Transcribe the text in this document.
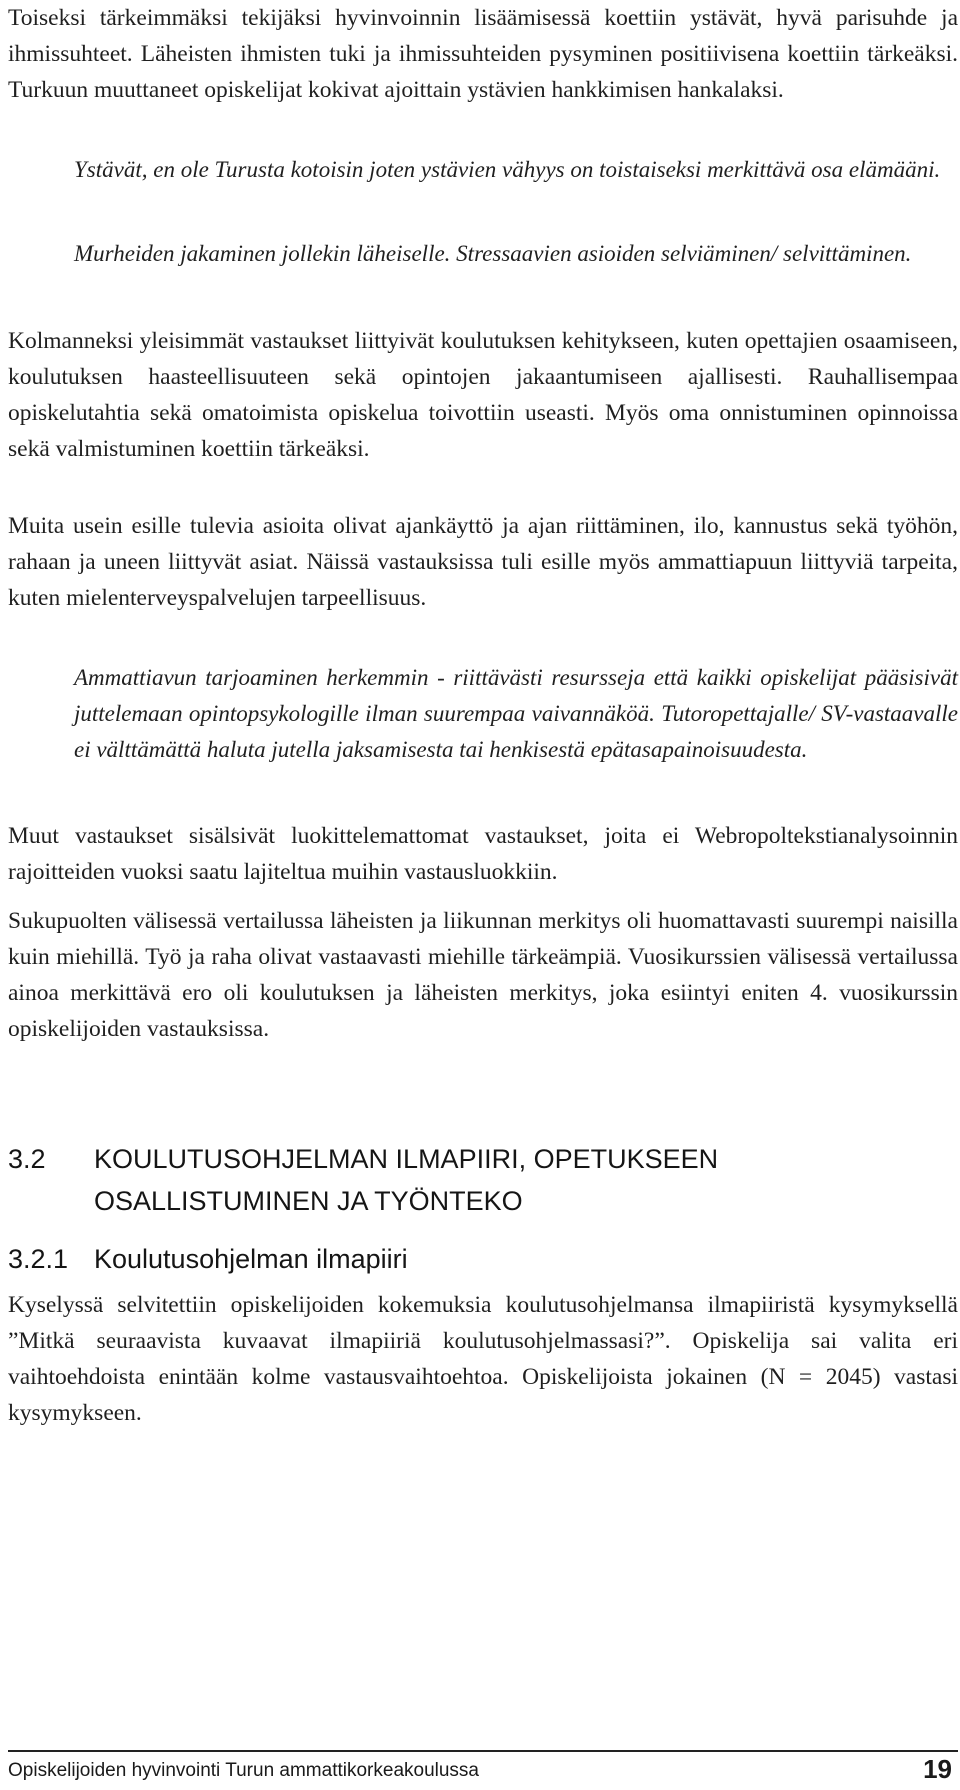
Toiseksi tärkeimmäksi tekijäksi hyvinvoinnin lisäämisessä koettiin ystävät, hyvä parisuhde ja ihmissuhteet. Läheisten ihmisten tuki ja ihmissuhteiden pysyminen positiivisena koettiin tärkeäksi. Turkuun muuttaneet opiskelijat kokivat ajoittain ystävien hankkimisen hankalaksi.

Ystävät, en ole Turusta kotoisin joten ystävien vähyys on toistaiseksi merkittävä osa elämääni.

Murheiden jakaminen jollekin läheiselle. Stressaavien asioiden selviäminen/ selvittäminen.

Kolmanneksi yleisimmät vastaukset liittyivät koulutuksen kehitykseen, kuten opettajien osaamiseen, koulutuksen haasteellisuuteen sekä opintojen jakaantumiseen ajallisesti. Rauhallisempaa opiskelutahtia sekä omatoimista opiskelua toivottiin useasti. Myös oma onnistuminen opinnoissa sekä valmistuminen koettiin tärkeäksi.

Muita usein esille tulevia asioita olivat ajankäyttö ja ajan riittäminen, ilo, kannustus sekä työhön, rahaan ja uneen liittyvät asiat. Näissä vastauksissa tuli esille myös ammattiapuun liittyviä tarpeita, kuten mielenterveyspalvelujen tarpeellisuus.

Ammattiavun tarjoaminen herkemmin - riittävästi resursseja että kaikki opiskelijat pääsisivät juttelemaan opintopsykologille ilman suurempaa vaivannäköä. Tutoropettajalle/ SV-vastaavalle ei välttämättä haluta jutella jaksamisesta tai henkisestä epätasapainoisuudesta.

Muut vastaukset sisälsivät luokittelemattomat vastaukset, joita ei Webropoltekstianalysoinnin rajoitteiden vuoksi saatu lajiteltua muihin vastausluokkiin.

Sukupuolten välisessä vertailussa läheisten ja liikunnan merkitys oli huomattavasti suurempi naisilla kuin miehillä. Työ ja raha olivat vastaavasti miehille tärkeämpiä. Vuosikurssien välisessä vertailussa ainoa merkittävä ero oli koulutuksen ja läheisten merkitys, joka esiintyi eniten 4. vuosikurssin opiskelijoiden vastauksissa.

3.2 KOULUTUSOHJELMAN ILMAPIIRI, OPETUKSEEN
OSALLISTUMINEN JA TYÖNTEKO
3.2.1 Koulutusohjelman ilmapiiri

Kyselyssä selvitettiin opiskelijoiden kokemuksia koulutusohjelmansa ilmapiiristä kysymyksellä ”Mitkä seuraavista kuvaavat ilmapiiriä koulutusohjelmassasi?”. Opiskelija sai valita eri vaihtoehdoista enintään kolme vastausvaihtoehtoa. Opiskelijoista jokainen (N = 2045) vastasi kysymykseen.

Opiskelijoiden hyvinvointi Turun ammattikorkeakoulussa	19
